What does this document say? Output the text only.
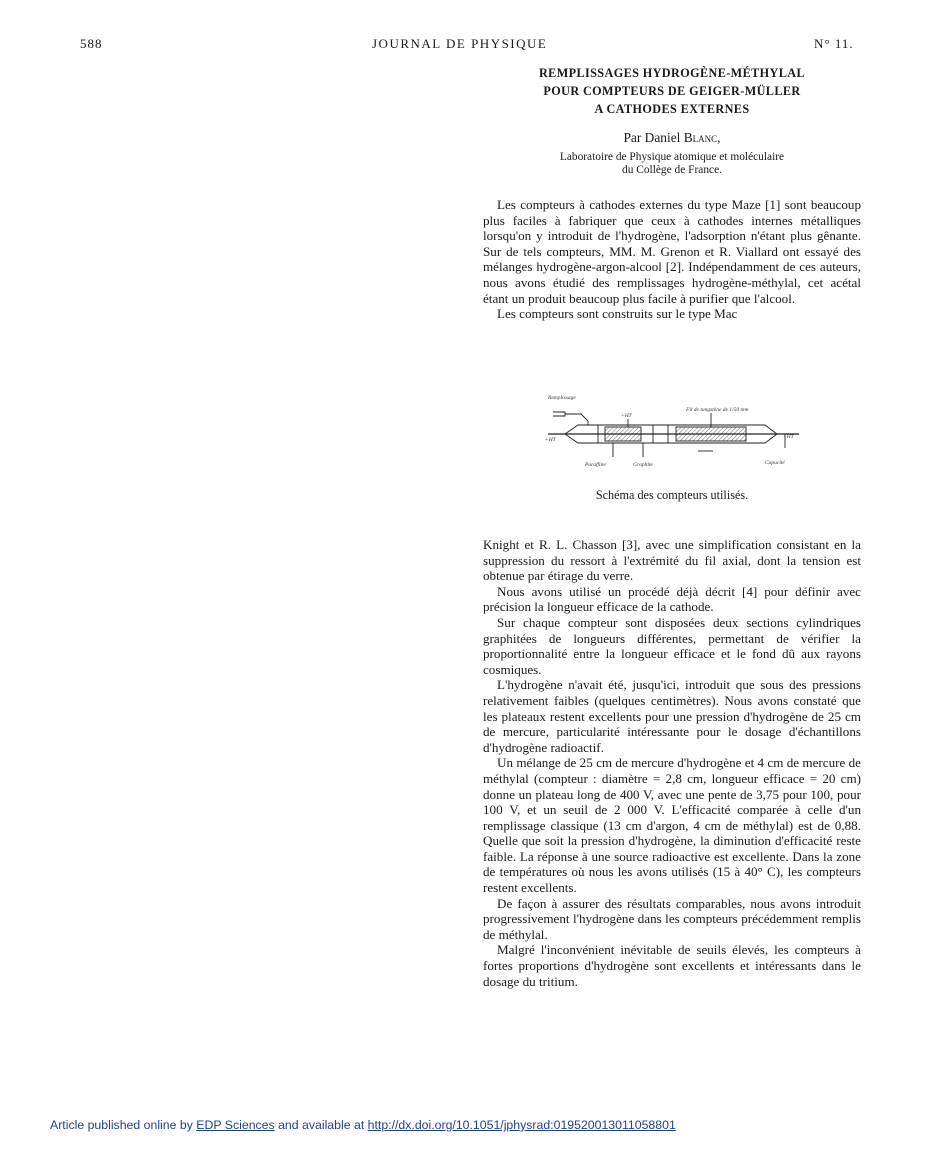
588	JOURNAL DE PHYSIQUE	N° 11.
REMPLISSAGES HYDROGÈNE-MÉTHYLAL
POUR COMPTEURS DE GEIGER-MÜLLER
A CATHODES EXTERNES
Par Daniel Blanc,
Laboratoire de Physique atomique et moléculaire
du Collège de France.

Les compteurs à cathodes externes du type Maze [1] sont beaucoup plus faciles à fabriquer que ceux à cathodes internes métalliques lorsqu'on y introduit de l'hydrogène, l'adsorption n'étant plus gênante. Sur de tels compteurs, MM. M. Grenon et R. Viallard ont essayé des mélanges hydrogène-argon-alcool [2]. Indépendamment de ces auteurs, nous avons étudié des remplissages hydrogène-méthylal, cet acétal étant un produit beaucoup plus facile à purifier que l'alcool.

Les compteurs sont construits sur le type Mac

Remplissage
+HT
Fil de tungstène de 1/50 mm
+HT	+HT
Paraffine	Graphite	Capacité
Schéma des compteurs utilisés.

Knight et R. L. Chasson [3], avec une simplification consistant en la suppression du ressort à l'extrémité du fil axial, dont la tension est obtenue par étirage du verre.

Nous avons utilisé un procédé déjà décrit [4] pour définir avec précision la longueur efficace de la cathode.

Sur chaque compteur sont disposées deux sections cylindriques graphitées de longueurs différentes, permettant de vérifier la proportionnalité entre la longueur efficace et le fond dû aux rayons cosmiques.

L'hydrogène n'avait été, jusqu'ici, introduit que sous des pressions relativement faibles (quelques centimètres). Nous avons constaté que les plateaux restent excellents pour une pression d'hydrogène de 25 cm de mercure, particularité intéressante pour le dosage d'échantillons d'hydrogène radioactif.

Un mélange de 25 cm de mercure d'hydrogène et 4 cm de mercure de méthylal (compteur : diamètre = 2,8 cm, longueur efficace = 20 cm) donne un plateau long de 400 V, avec une pente de 3,75 pour 100, pour 100 V, et un seuil de 2 000 V. L'efficacité comparée à celle d'un remplissage classique (13 cm d'argon, 4 cm de méthylal) est de 0,88. Quelle que soit la pression d'hydrogène, la diminution d'efficacité reste faible. La réponse à une source radioactive est excellente. Dans la zone de températures où nous les avons utilisés (15 à 40° C), les compteurs restent excellents.

De façon à assurer des résultats comparables, nous avons introduit progressivement l'hydrogène dans les compteurs précédemment remplis de méthylal.

Malgré l'inconvénient inévitable de seuils élevés, les compteurs à fortes proportions d'hydrogène sont excellents et intéressants dans le dosage du tritium.

Article published online by EDP Sciences and available at http://dx.doi.org/10.1051/jphysrad:019520013011058801
